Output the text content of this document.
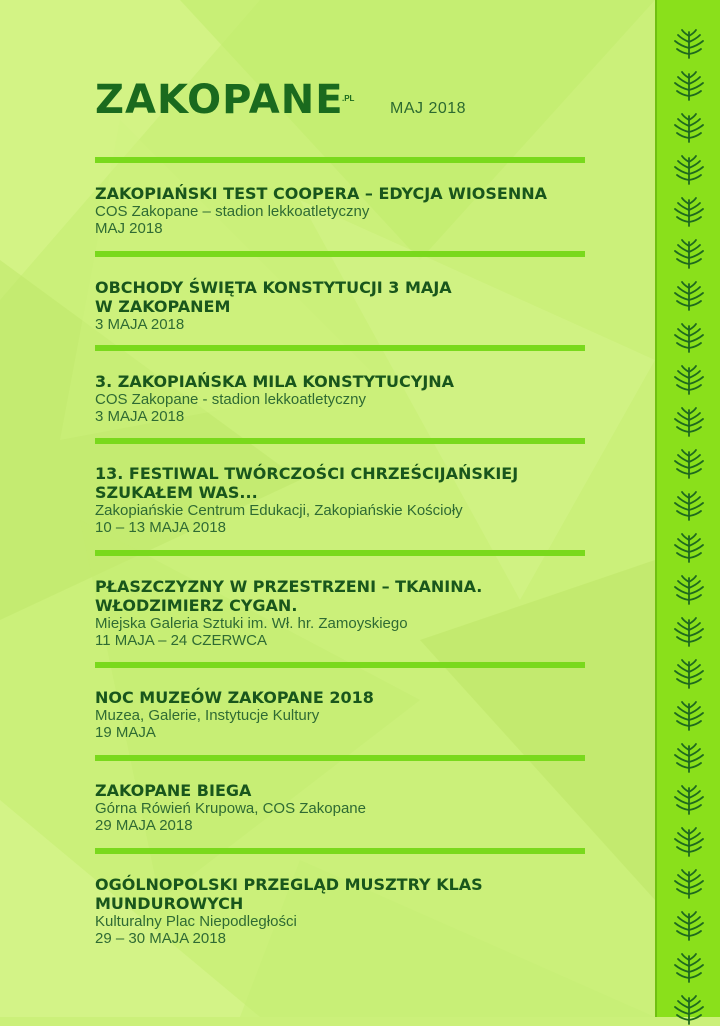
ZAKOPANE
.PL
MAJ 2018

ZAKOPIAŃSKI TEST COOPERA – EDYCJA WIOSENNA

COS Zakopane – stadion lekkoatletyczny

MAJ 2018

OBCHODY ŚWIĘTA KONSTYTUCJI 3 MAJA

W ZAKOPANEM

3 MAJA 2018

3. ZAKOPIAŃSKA MILA KONSTYTUCYJNA

COS Zakopane - stadion lekkoatletyczny

3 MAJA 2018

13. FESTIWAL TWÓRCZOŚCI CHRZEŚCIJAŃSKIEJ

SZUKAŁEM WAS...

Zakopiańskie Centrum Edukacji, Zakopiańskie Kościoły

10 – 13 MAJA 2018

PŁASZCZYZNY W PRZESTRZENI – TKANINA.

WŁODZIMIERZ CYGAN.

Miejska Galeria Sztuki im. Wł. hr. Zamoyskiego

11 MAJA – 24 CZERWCA

NOC MUZEÓW ZAKOPANE 2018

Muzea, Galerie, Instytucje Kultury

19 MAJA

ZAKOPANE BIEGA

Górna Rówień Krupowa, COS Zakopane

29 MAJA 2018

OGÓLNOPOLSKI PRZEGLĄD MUSZTRY KLAS

MUNDUROWYCH

Kulturalny Plac Niepodległości

29 – 30 MAJA 2018
